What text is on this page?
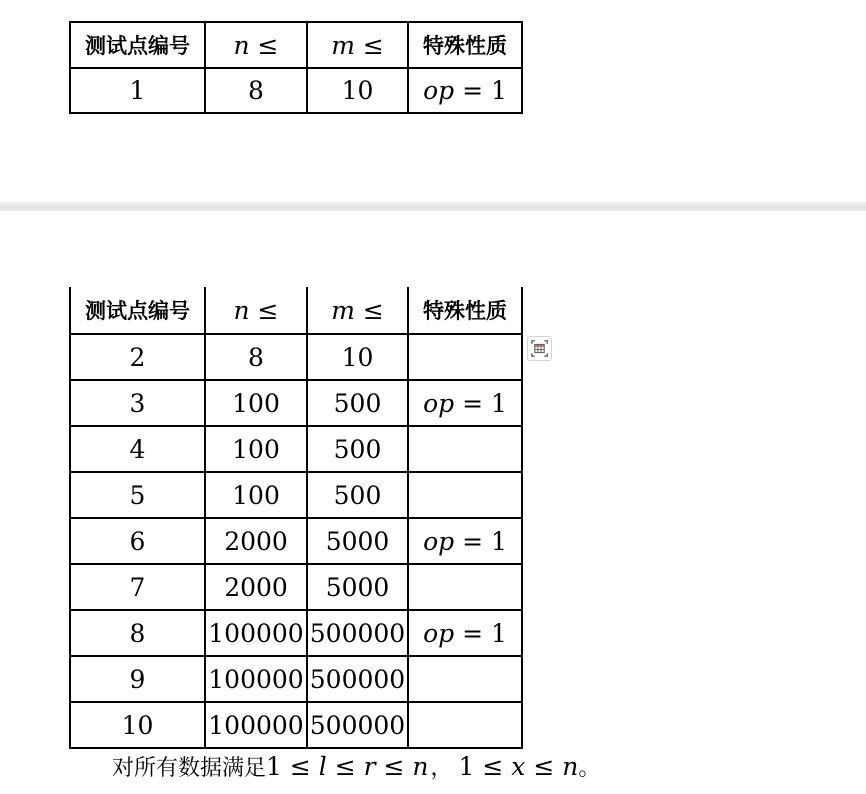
测试点编号	n ≤	m ≤	特殊性质
1	8	10	op = 1
测试点编号	n ≤	m ≤	特殊性质
2	8	10	
3	100	500	op = 1
4	100	500	
5	100	500	
6	2000	5000	op = 1
7	2000	5000	
8	100000	500000	op = 1
9	100000	500000	
10	100000	500000	
对所有数据满足1 ≤ l ≤ r ≤ n， 1 ≤ x ≤ n。
